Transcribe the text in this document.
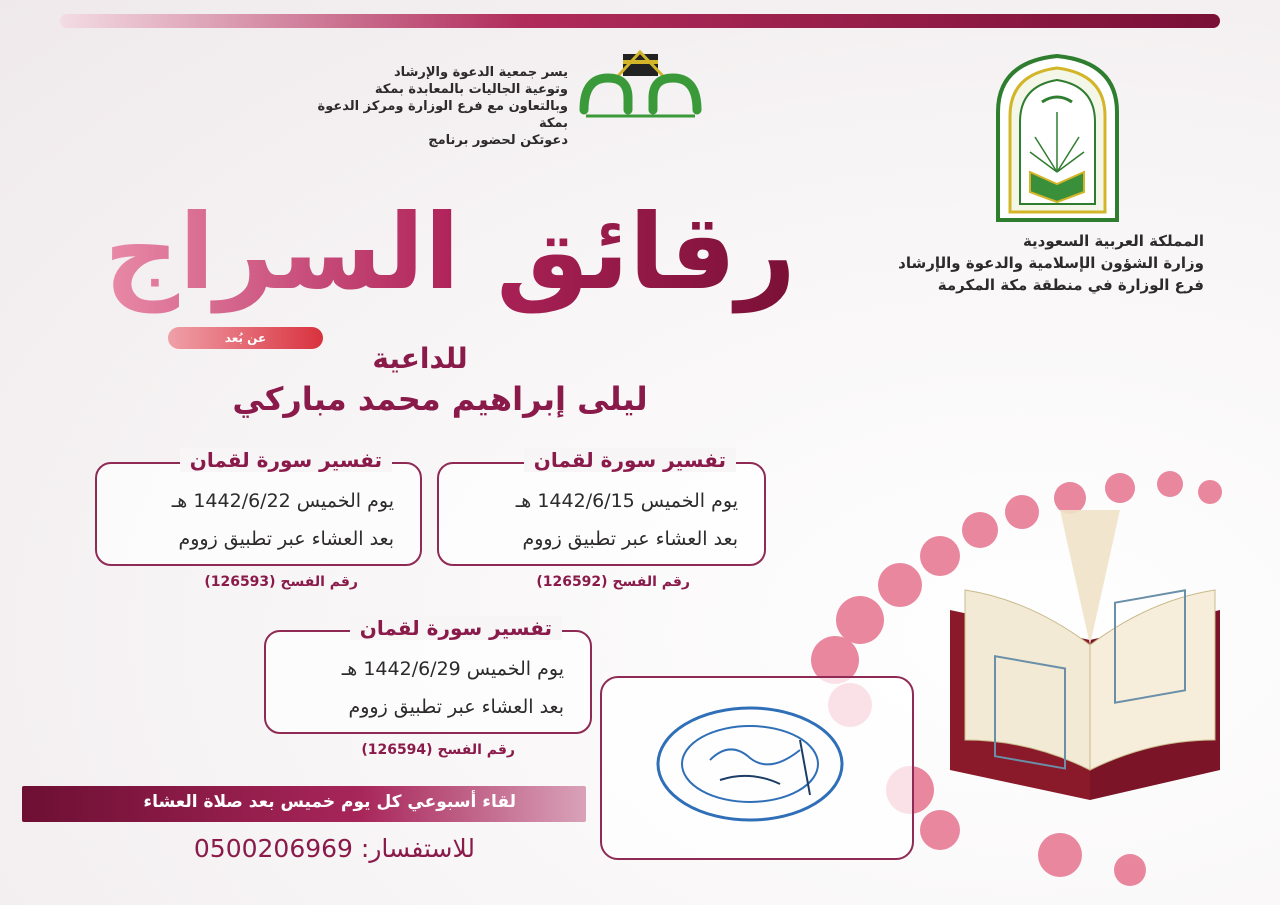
المملكة العربية السعودية
وزارة الشؤون الإسلامية والدعوة والإرشاد
فرع الوزارة في منطقة مكة المكرمة
يسر جمعية الدعوة والإرشاد
وتوعية الجاليات بالمعابدة بمكة
وبالتعاون مع فرع الوزارة ومركز الدعوة بمكة
دعوتكن لحضور برنامج
رقائق السراج
عن بُعد
للداعية
ليلى إبراهيم محمد مباركي
تفسير سورة لقمان
يوم الخميس 1442/6/15 هـ
بعد العشاء عبر تطبيق زووم
رقم الفسح (126592)
تفسير سورة لقمان
يوم الخميس 1442/6/22 هـ
بعد العشاء عبر تطبيق زووم
رقم الفسح (126593)
تفسير سورة لقمان
يوم الخميس 1442/6/29 هـ
بعد العشاء عبر تطبيق زووم
رقم الفسح (126594)
لقاء أسبوعي كل يوم خميس بعد صلاة العشاء
للاستفسار: 0500206969
